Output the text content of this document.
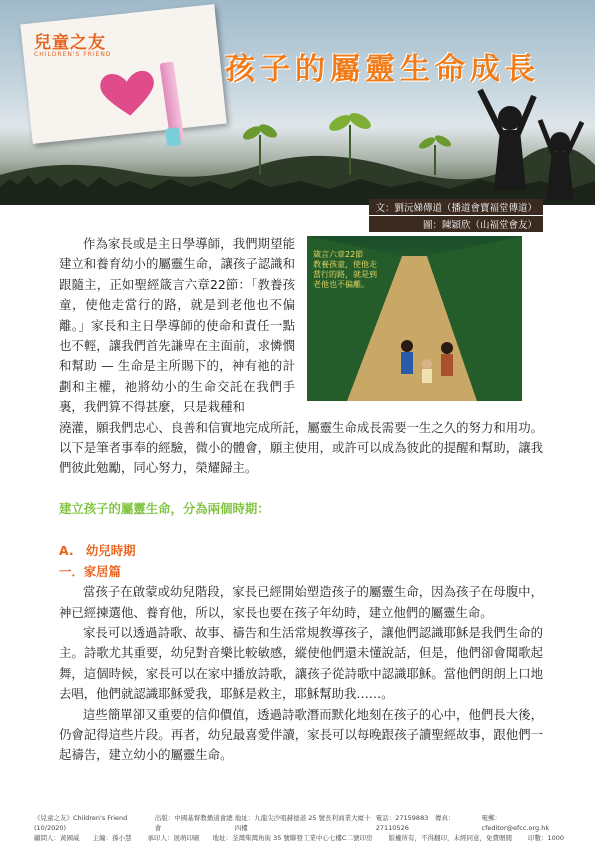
兒童之友
CHILDREN'S FRIEND	孩子的屬靈生命成長
文：劉沅娣傳道（播道會寶福堂傳道）
圖：陳穎欣（山福堂會友）
箴言六章22節
教養孩童，使他走當行的路，就是到老他也不偏離。

作為家長或是主日學導師，我們期望能建立和養育幼小的屬靈生命，讓孩子認識和跟隨主，正如聖經箴言六章22節：「教養孩童，使他走當行的路，就是到老他也不偏離。」家長和主日學導師的使命和責任一點也不輕，讓我們首先謙卑在主面前，求憐憫和幫助 — 生命是主所賜下的，神有祂的計劃和主權，祂將幼小的生命交託在我們手裏，我們算不得甚麼，只是栽種和

澆灌，願我們忠心、良善和信實地完成所託，屬靈生命成長需要一生之久的努力和用功。以下是筆者事奉的經驗，微小的體會，願主使用，或許可以成為彼此的提醒和幫助，讓我們彼此勉勵，同心努力，榮耀歸主。

建立孩子的屬靈生命，分為兩個時期：
A.　幼兒時期
一．家居篇

當孩子在啟蒙或幼兒階段，家長已經開始塑造孩子的屬靈生命，因為孩子在母腹中，神已經揀選他、養育他，所以，家長也要在孩子年幼時，建立他們的屬靈生命。

家長可以透過詩歌、故事、禱告和生活常規教導孩子，讓他們認識耶穌是我們生命的主。詩歌尤其重要，幼兒對音樂比較敏感，縱使他們還未懂說話，但是，他們卻會聞歌起舞，這個時候，家長可以在家中播放詩歌，讓孩子從詩歌中認識耶穌。當他們朗朗上口地去唱，他們就認識耶穌愛我，耶穌是救主，耶穌幫助我……。

這些簡單卻又重要的信仰價值，透過詩歌潛而默化地刻在孩子的心中，他們長大後，仍會記得這些片段。再者，幼兒最喜愛伴讀，家長可以每晚跟孩子讀聖經故事，跟他們一起禱告，建立幼小的屬靈生命。

《兒童之友》Children's Friend (10/2020)
出版：中國基督教播道會總會
地址：九龍尖沙咀赫德道 25 號長利商業大廈十四樓
電話：27159883　傳真：27110526
電郵：cfeditor@efcc.org.hk
顧問人：黃國威　　主編：孫小慧 承印人：展萌印刷　　地址：荃灣柴灣角街 35 號聯發工業中心七樓C二號印房 版權所有，不得翻印，未經同意，免費贈閱 印數：1000
